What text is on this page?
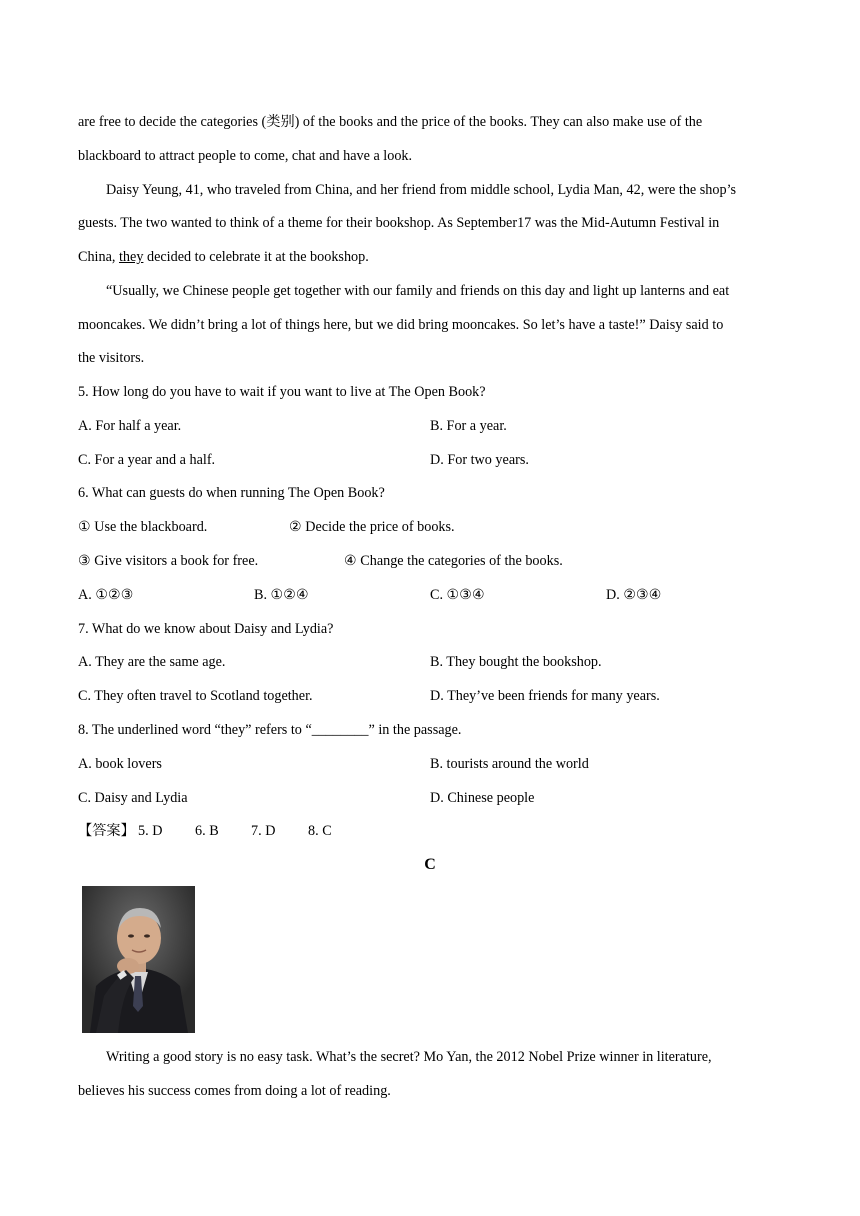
are free to decide the categories (类别) of the books and the price of the books. They can also make use of the
blackboard to attract people to come, chat and have a look.
Daisy Yeung, 41, who traveled from China, and her friend from middle school, Lydia Man, 42, were the shop’s
guests. The two wanted to think of a theme for their bookshop. As September17 was the Mid-Autumn Festival in
China, they decided to celebrate it at the bookshop.
“Usually, we Chinese people get together with our family and friends on this day and light up lanterns and eat
mooncakes. We didn’t bring a lot of things here, but we did bring mooncakes. So let’s have a taste!” Daisy said to
the visitors.
5. How long do you have to wait if you want to live at The Open Book?
A. For half a year.	B. For a year.
C. For a year and a half.	D. For two years.
6. What can guests do when running The Open Book?
① Use the blackboard.	② Decide the price of books.
③ Give visitors a book for free.	④ Change the categories of the books.
A. ①②③	B. ①②④	C. ①③④	D. ②③④
7. What do we know about Daisy and Lydia?
A. They are the same age.	B. They bought the bookshop.
C. They often travel to Scotland together.	D. They’ve been friends for many years.
8. The underlined word “they” refers to “________” in the passage.
A. book lovers	B. tourists around the world
C. Daisy and Lydia	D. Chinese people
【答案】 5. D 6. B 7. D 8. C
C
Writing a good story is no easy task. What’s the secret? Mo Yan, the 2012 Nobel Prize winner in literature,
believes his success comes from doing a lot of reading.
